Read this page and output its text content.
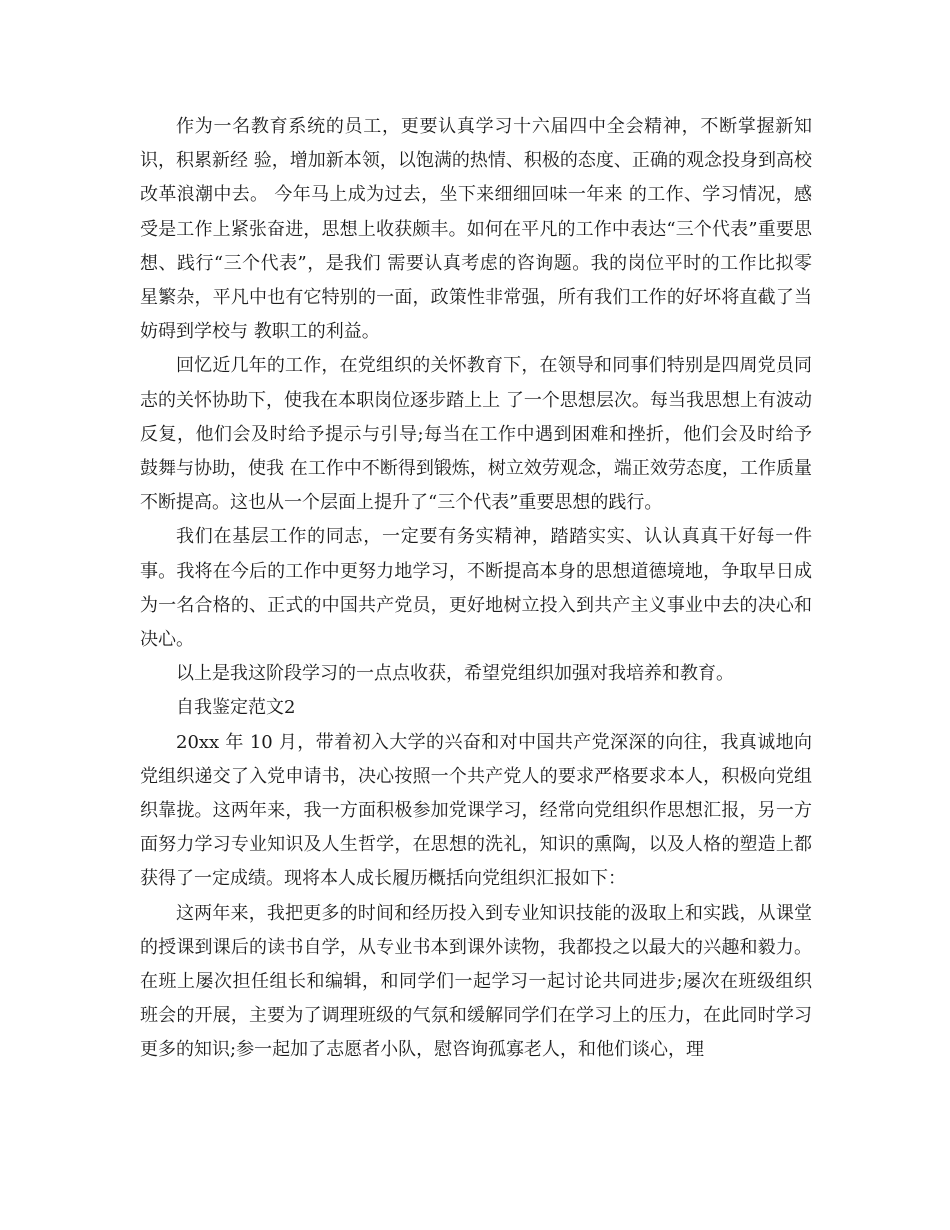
作为一名教育系统的员工，更要认真学习十六届四中全会精神，不断掌握新知识，积累新经 验，增加新本领，以饱满的热情、积极的态度、正确的观念投身到高校改革浪潮中去。 今年马上成为过去，坐下来细细回味一年来 的工作、学习情况，感受是工作上紧张奋进，思想上收获颇丰。如何在平凡的工作中表达“三个代表”重要思想、践行“三个代表”，是我们 需要认真考虑的咨询题。我的岗位平时的工作比拟零星繁杂，平凡中也有它特别的一面，政策性非常强，所有我们工作的好坏将直截了当妨碍到学校与 教职工的利益。

回忆近几年的工作，在党组织的关怀教育下，在领导和同事们特别是四周党员同志的关怀协助下，使我在本职岗位逐步踏上上 了一个思想层次。每当我思想上有波动反复，他们会及时给予提示与引导;每当在工作中遇到困难和挫折，他们会及时给予鼓舞与协助，使我 在工作中不断得到锻炼，树立效劳观念，端正效劳态度，工作质量不断提高。这也从一个层面上提升了“三个代表”重要思想的践行。

我们在基层工作的同志，一定要有务实精神，踏踏实实、认认真真干好每一件事。我将在今后的工作中更努力地学习，不断提高本身的思想道德境地，争取早日成为一名合格的、正式的中国共产党员，更好地树立投入到共产主义事业中去的决心和决心。

以上是我这阶段学习的一点点收获，希望党组织加强对我培养和教育。

自我鉴定范文2

20xx 年 10 月，带着初入大学的兴奋和对中国共产党深深的向往，我真诚地向党组织递交了入党申请书，决心按照一个共产党人的要求严格要求本人，积极向党组织靠拢。这两年来，我一方面积极参加党课学习，经常向党组织作思想汇报，另一方面努力学习专业知识及人生哲学，在思想的洗礼，知识的熏陶，以及人格的塑造上都获得了一定成绩。现将本人成长履历概括向党组织汇报如下：

这两年来，我把更多的时间和经历投入到专业知识技能的汲取上和实践，从课堂的授课到课后的读书自学，从专业书本到课外读物，我都投之以最大的兴趣和毅力。在班上屡次担任组长和编辑，和同学们一起学习一起讨论共同进步;屡次在班级组织班会的开展，主要为了调理班级的气氛和缓解同学们在学习上的压力，在此同时学习更多的知识;参一起加了志愿者小队，慰咨询孤寡老人，和他们谈心，理
